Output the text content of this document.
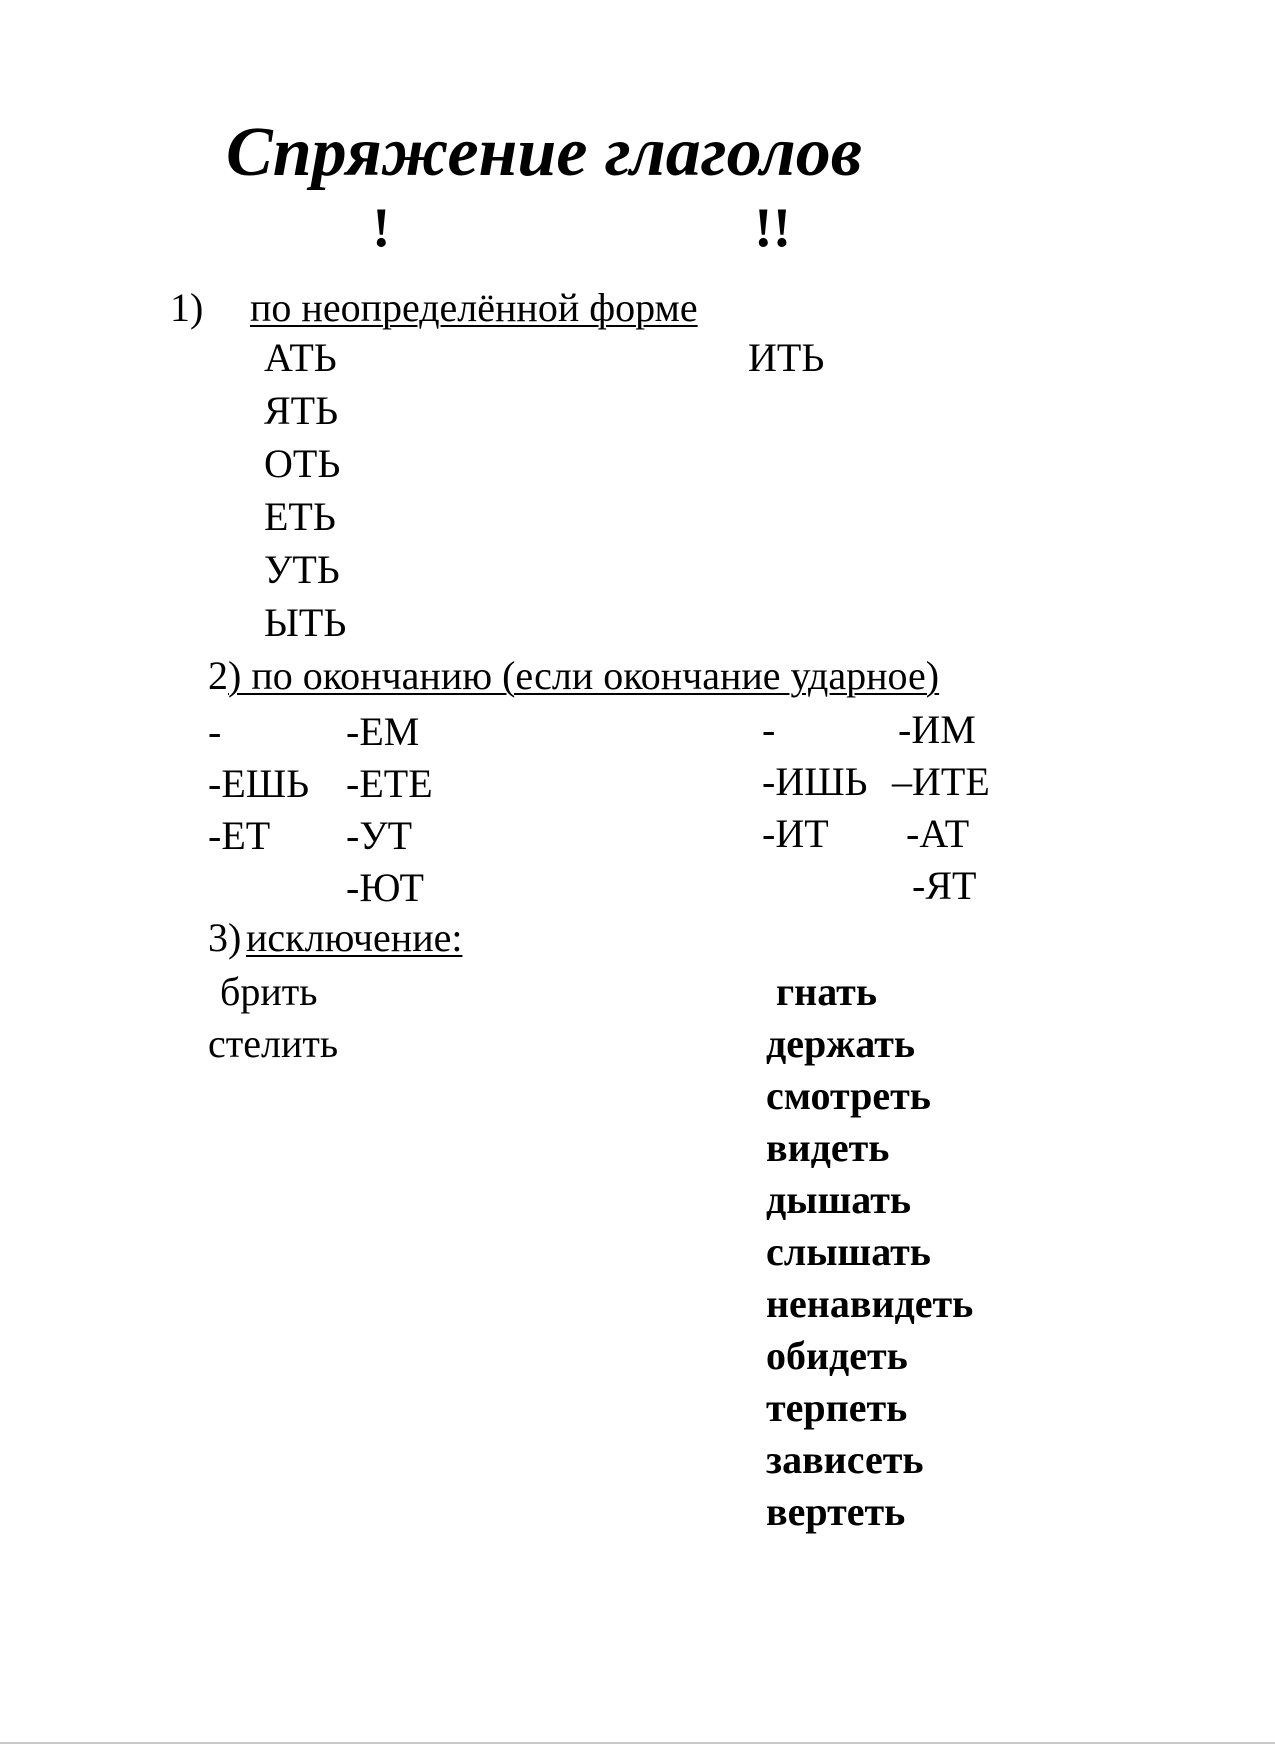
Спряжение глаголов
!	!!
1) по неопределённой форме
АТЬ
ЯТЬ
ОТЬ
ЕТЬ
УТЬ
ЫТЬ
ИТЬ
2 ) по окончанию (если окончание ударное)
-
-ЕШЬ
-ЕТ
-ЕМ
-ЕТЕ
-УТ
-ЮТ
-
-ИШЬ
-ИТ
-ИМ
–ИТЕ
-АТ
-ЯТ
3) исключение:
брить
стелить
гнать
держать
смотреть
видеть
дышать
слышать
ненавидеть
обидеть
терпеть
зависеть
вертеть
